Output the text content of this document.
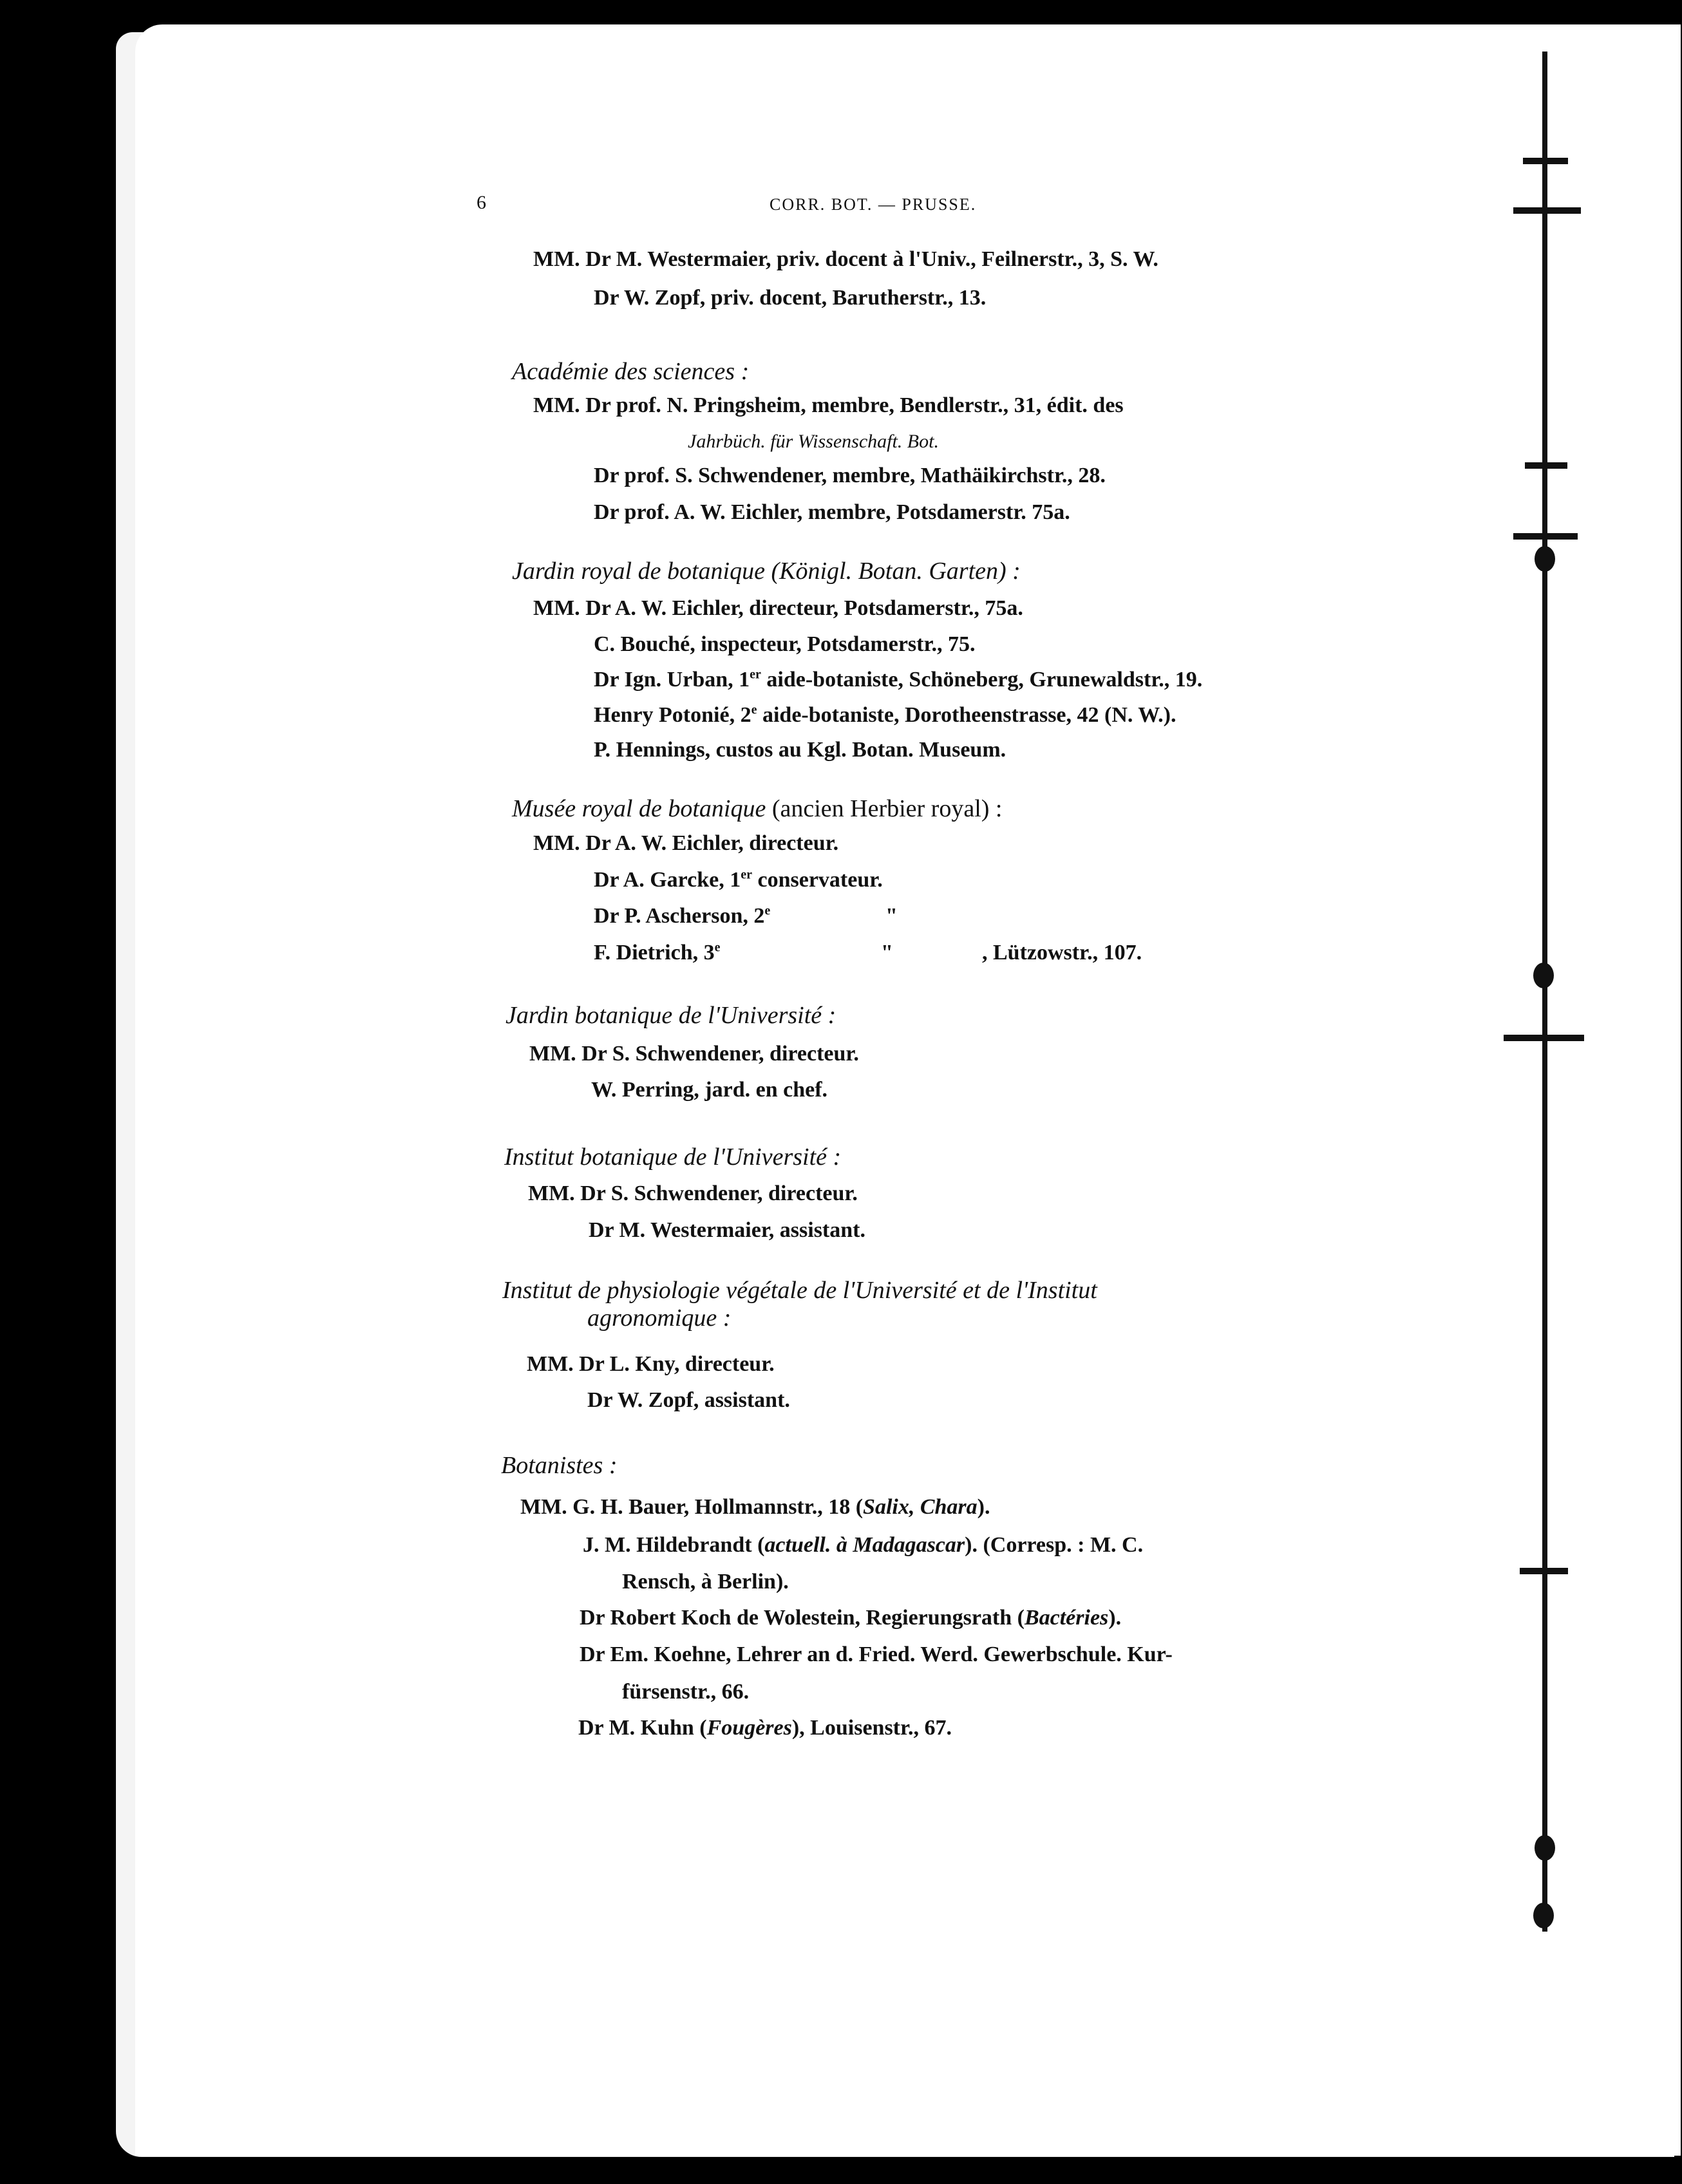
6	CORR. BOT. — PRUSSE.
MM. Dr M. Westermaier, priv. docent à l'Univ., Feilnerstr., 3, S. W.
Dr W. Zopf, priv. docent, Barutherstr., 13.
Académie des sciences :
MM. Dr prof. N. Pringsheim, membre, Bendlerstr., 31, édit. des
Jahrbüch. für Wissenschaft. Bot.
Dr prof. S. Schwendener, membre, Mathäikirchstr., 28.
Dr prof. A. W. Eichler, membre, Potsdamerstr. 75a.
Jardin royal de botanique (Königl. Botan. Garten) :
MM. Dr A. W. Eichler, directeur, Potsdamerstr., 75a.
C. Bouché, inspecteur, Potsdamerstr., 75.
Dr Ign. Urban, 1er aide-botaniste, Schöneberg, Grunewaldstr., 19.
Henry Potonié, 2e aide-botaniste, Dorotheenstrasse, 42 (N. W.).
P. Hennings, custos au Kgl. Botan. Museum.
Musée royal de botanique (ancien Herbier royal) :
MM. Dr A. W. Eichler, directeur.
Dr A. Garcke, 1er conservateur.
Dr P. Ascherson, 2e	"
F. Dietrich, 3e	"	, Lützowstr., 107.
Jardin botanique de l'Université :
MM. Dr S. Schwendener, directeur.
W. Perring, jard. en chef.
Institut botanique de l'Université :
MM. Dr S. Schwendener, directeur.
Dr M. Westermaier, assistant.
Institut de physiologie végétale de l'Université et de l'Institut
agronomique :
MM. Dr L. Kny, directeur.
Dr W. Zopf, assistant.
Botanistes :
MM. G. H. Bauer, Hollmannstr., 18 (Salix, Chara).
J. M. Hildebrandt (actuell. à Madagascar). (Corresp. : M. C.
Rensch, à Berlin).
Dr Robert Koch de Wolestein, Regierungsrath (Bactéries).
Dr Em. Koehne, Lehrer an d. Fried. Werd. Gewerbschule. Kur-
fürsenstr., 66.
Dr M. Kuhn (Fougères), Louisenstr., 67.
